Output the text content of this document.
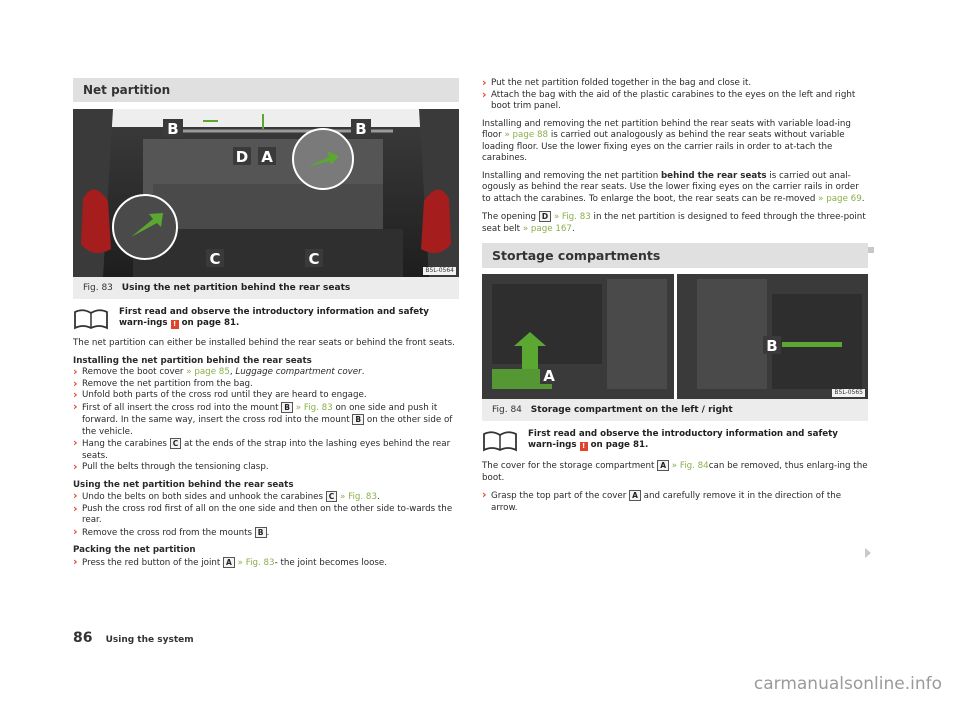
Net partition
B
D A
B
C	C
B5L-0564
Fig. 83 Using the net partition behind the rear seats
First read and observe the introductory information and safety warn-ings ! on page 81.

The net partition can either be installed behind the rear seats or behind the front seats.

Installing the net partition behind the rear seats
› Remove the boot cover » page 85, Luggage compartment cover.
› Remove the net partition from the bag.
› Unfold both parts of the cross rod until they are heard to engage.
› First of all insert the cross rod into the mount B » Fig. 83 on one side and push it forward. In the same way, insert the cross rod into the mount B on the other side of the vehicle.
› Hang the carabines C at the ends of the strap into the lashing eyes behind the rear seats.
› Pull the belts through the tensioning clasp.
Using the net partition behind the rear seats
› Undo the belts on both sides and unhook the carabines C » Fig. 83.
› Push the cross rod first of all on the one side and then on the other side to-wards the rear.
› Remove the cross rod from the mounts B .
Packing the net partition
› Press the red button of the joint A » Fig. 83- the joint becomes loose.
› Put the net partition folded together in the bag and close it.
› Attach the bag with the aid of the plastic carabines to the eyes on the left and right boot trim panel.

Installing and removing the net partition behind the rear seats with variable load-ing floor » page 88 is carried out analogously as behind the rear seats without variable loading floor. Use the lower fixing eyes on the carrier rails in order to at-tach the carabines.

Installing and removing the net partition behind the rear seats is carried out anal-ogously as behind the rear seats. Use the lower fixing eyes on the carrier rails in order to attach the carabines. To enlarge the boot, the rear seats can be re-moved » page 69.

The opening D » Fig. 83 in the net partition is designed to feed through the three-point seat belt » page 167.

Stortage compartments
A
B
B5L-0565
Fig. 84 Storage compartment on the left / right
First read and observe the introductory information and safety warn-ings ! on page 81.

The cover for the storage compartment A » Fig. 84can be removed, thus enlarg-ing the boot.

› Grasp the top part of the cover A and carefully remove it in the direction of the arrow.
86 Using the system
carmanualsonline.info
